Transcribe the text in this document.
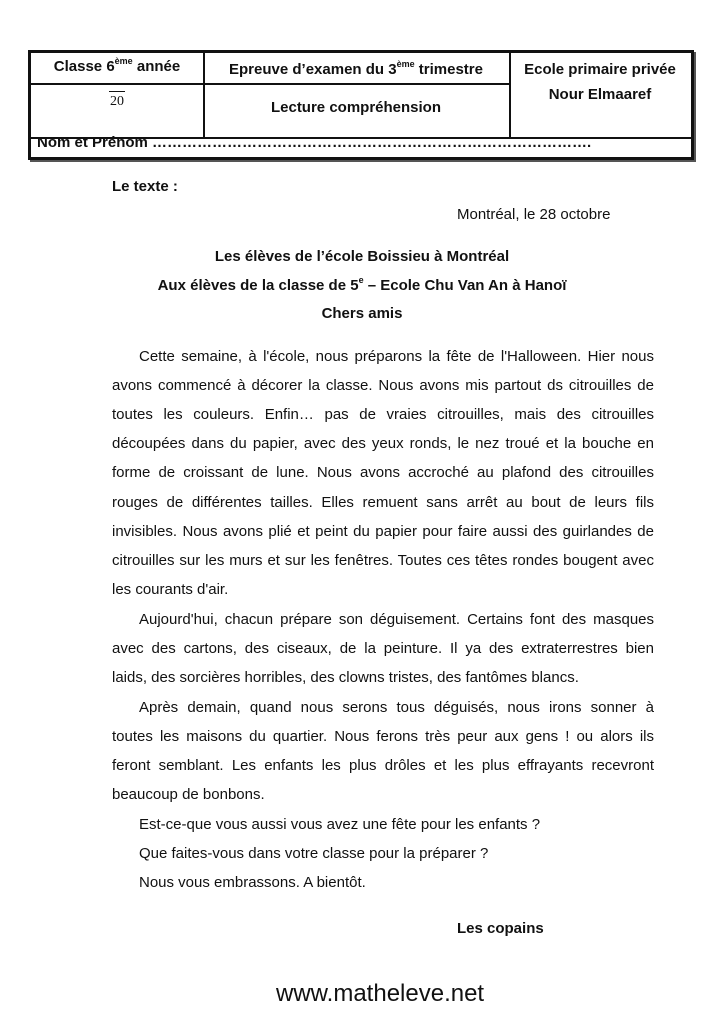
Classe 6ème année	Epreuve d’examen du 3ème trimestre	Ecole primaire privée
Nour Elmaaref
20	Lecture compréhension
Nom et Prénom …………………………………………………………………………….
Le texte :
Montréal, le 28 octobre
Les élèves de l’école Boissieu à Montréal
Aux élèves de la classe de 5e – Ecole Chu Van An à Hanoï
Chers amis
Cette semaine, à l'école, nous préparons la fête de l'Halloween. Hier nous
avons commencé à décorer la classe. Nous avons mis partout ds citrouilles de
toutes les couleurs. Enfin… pas de vraies citrouilles, mais des citrouilles
découpées dans du papier, avec des yeux ronds, le nez troué et la bouche en
forme de croissant de lune. Nous avons accroché au plafond des citrouilles
rouges de différentes tailles. Elles remuent sans arrêt au bout de leurs fils
invisibles. Nous avons plié et peint du papier pour faire aussi des guirlandes de
citrouilles sur les murs et sur les fenêtres. Toutes ces têtes rondes bougent avec
les courants d'air.
Aujourd'hui, chacun prépare son déguisement. Certains font des masques
avec des cartons, des ciseaux, de la peinture. Il ya des extraterrestres bien
laids, des sorcières horribles, des clowns tristes, des fantômes blancs.
Après demain, quand nous serons tous déguisés, nous irons sonner à
toutes les maisons du quartier. Nous ferons très peur aux gens ! ou alors ils
feront semblant. Les enfants les plus drôles et les plus effrayants recevront
beaucoup de bonbons.
Est-ce-que vous aussi vous avez une fête pour les enfants ?
Que faites-vous dans votre classe pour la préparer ?
Nous vous embrassons. A bientôt.
Les copains
www.matheleve.net
